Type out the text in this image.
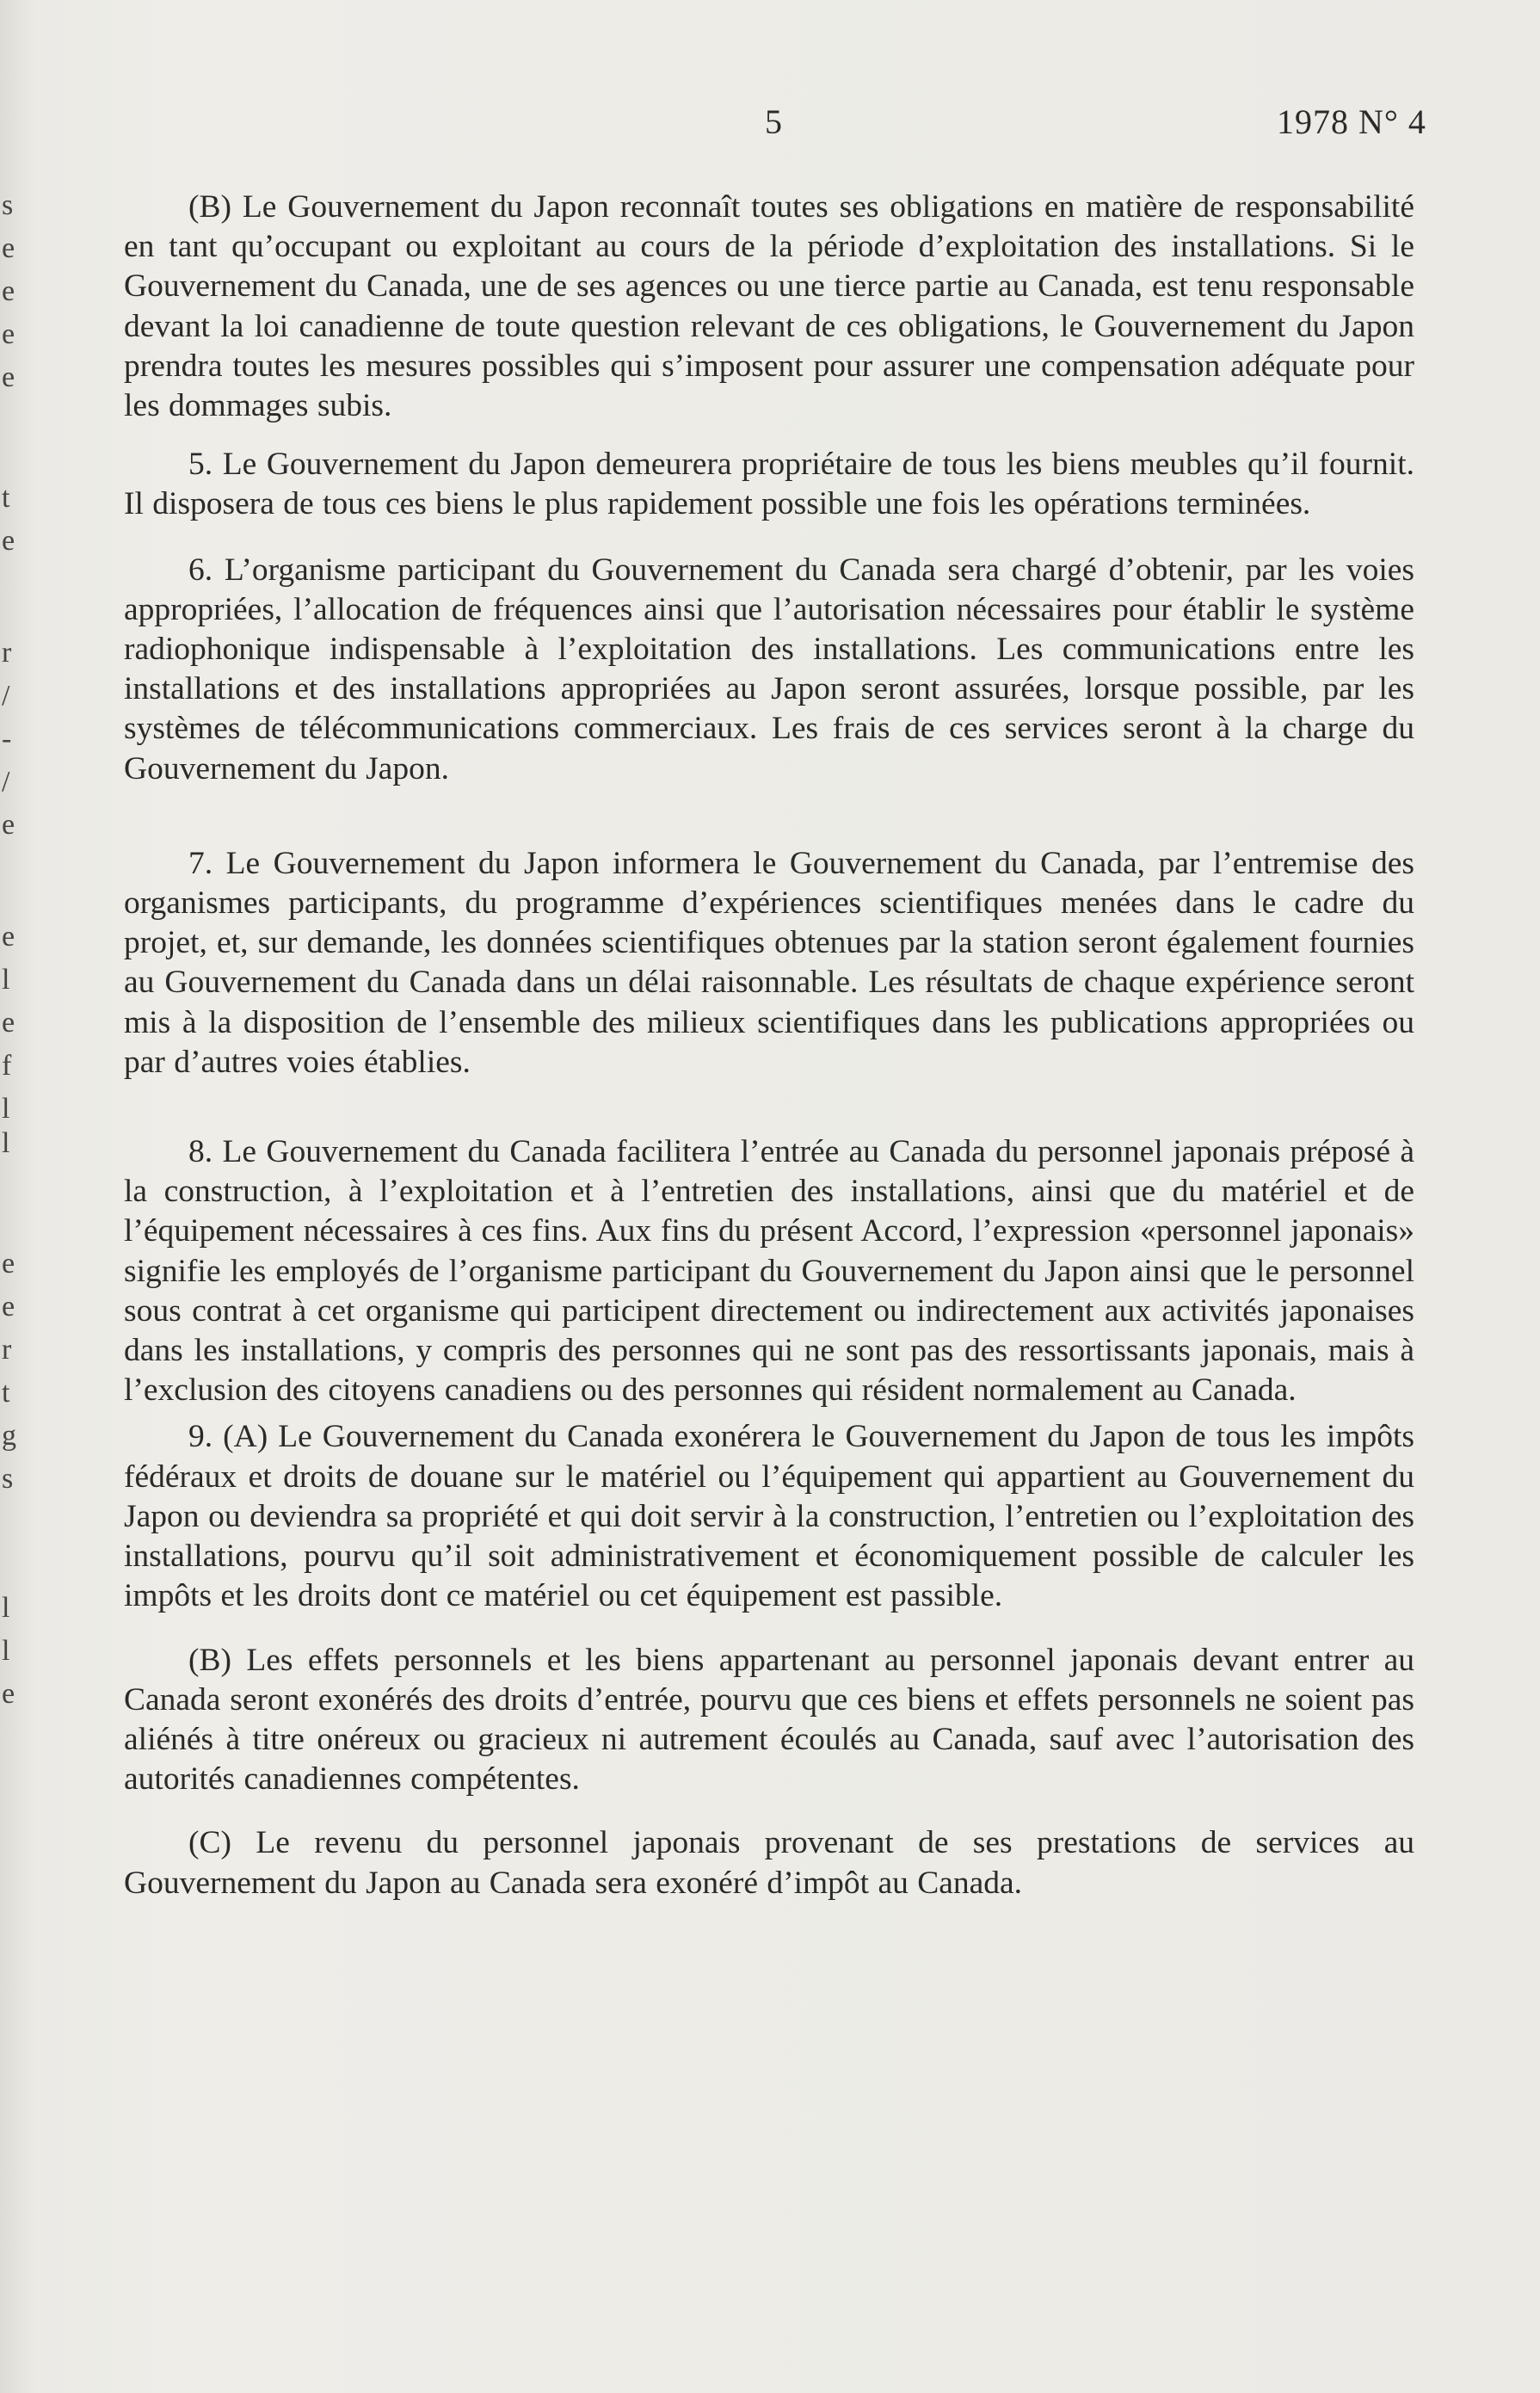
s
e
e
e
e
t
e
r
/
-
/
e
e
l
e
f
l
l
e
e
r
t
g
s
l
l
e
5	1978 N° 4

(B) Le Gouvernement du Japon reconnaît toutes ses obligations en matière de responsabilité en tant qu’occupant ou exploitant au cours de la période d’exploitation des installations. Si le Gouvernement du Canada, une de ses agences ou une tierce partie au Canada, est tenu responsable devant la loi canadienne de toute question relevant de ces obligations, le Gouvernement du Japon prendra toutes les mesures possibles qui s’imposent pour assurer une compensation adéquate pour les dommages subis.

5. Le Gouvernement du Japon demeurera propriétaire de tous les biens meubles qu’il fournit. Il disposera de tous ces biens le plus rapidement possible une fois les opérations terminées.

6. L’organisme participant du Gouvernement du Canada sera chargé d’obtenir, par les voies appropriées, l’allocation de fréquences ainsi que l’autorisation nécessaires pour établir le système radiophonique indispensable à l’exploitation des installations. Les communications entre les installations et des installations appropriées au Japon seront assurées, lorsque possible, par les systèmes de télécommunications commerciaux. Les frais de ces services seront à la charge du Gouvernement du Japon.

7. Le Gouvernement du Japon informera le Gouvernement du Canada, par l’entremise des organismes participants, du programme d’expériences scientifiques menées dans le cadre du projet, et, sur demande, les données scientifiques obtenues par la station seront également fournies au Gouvernement du Canada dans un délai raisonnable. Les résultats de chaque expérience seront mis à la disposition de l’ensemble des milieux scientifiques dans les publications appropriées ou par d’autres voies établies.

8. Le Gouvernement du Canada facilitera l’entrée au Canada du personnel japonais préposé à la construction, à l’exploitation et à l’entretien des installations, ainsi que du matériel et de l’équipement nécessaires à ces fins. Aux fins du présent Accord, l’expression «personnel japonais» signifie les employés de l’organisme participant du Gouvernement du Japon ainsi que le personnel sous contrat à cet organisme qui participent directement ou indirectement aux activités japonaises dans les installations, y compris des personnes qui ne sont pas des ressortissants japonais, mais à l’exclusion des citoyens canadiens ou des personnes qui résident normalement au Canada.

9. (A) Le Gouvernement du Canada exonérera le Gouvernement du Japon de tous les impôts fédéraux et droits de douane sur le matériel ou l’équipement qui appartient au Gouvernement du Japon ou deviendra sa propriété et qui doit servir à la construction, l’entretien ou l’exploitation des installations, pourvu qu’il soit administrativement et économiquement possible de calculer les impôts et les droits dont ce matériel ou cet équipement est passible.

(B) Les effets personnels et les biens appartenant au personnel japonais devant entrer au Canada seront exonérés des droits d’entrée, pourvu que ces biens et effets personnels ne soient pas aliénés à titre onéreux ou gracieux ni autrement écoulés au Canada, sauf avec l’autorisation des autorités canadiennes compétentes.

(C) Le revenu du personnel japonais provenant de ses prestations de services au Gouvernement du Japon au Canada sera exonéré d’impôt au Canada.
